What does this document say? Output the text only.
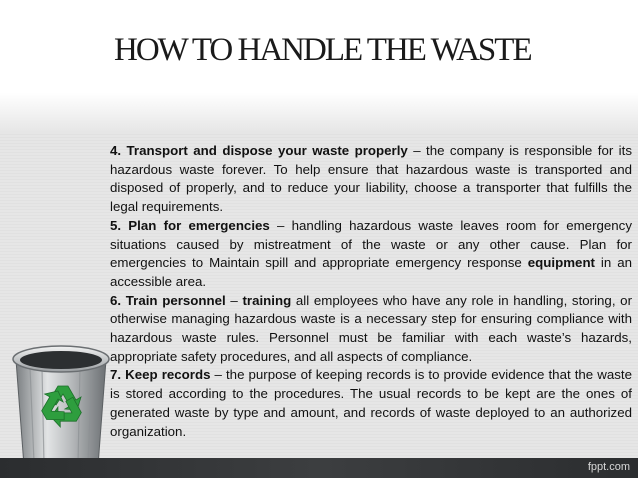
HOW TO HANDLE THE WASTE

4. Transport and dispose your waste properly – the company is responsible for its hazardous waste forever. To help ensure that hazardous waste is transported and disposed of properly, and to reduce your liability, choose a transporter that fulfills the legal requirements.

5. Plan for emergencies – handling hazardous waste leaves room for emergency situations caused by mistreatment of the waste or any other cause. Plan for emergencies to Maintain spill and appropriate emergency response equipment in an accessible area.

6. Train personnel – training all employees who have any role in handling, storing, or otherwise managing hazardous waste is a necessary step for ensuring compliance with hazardous waste rules. Personnel must be familiar with each waste’s hazards, appropriate safety procedures, and all aspects of compliance.

7. Keep records – the purpose of keeping records is to provide evidence that the waste is stored according to the procedures. The usual records to be kept are the ones of generated waste by type and amount, and records of waste deployed to an authorized organization.

fppt.com
